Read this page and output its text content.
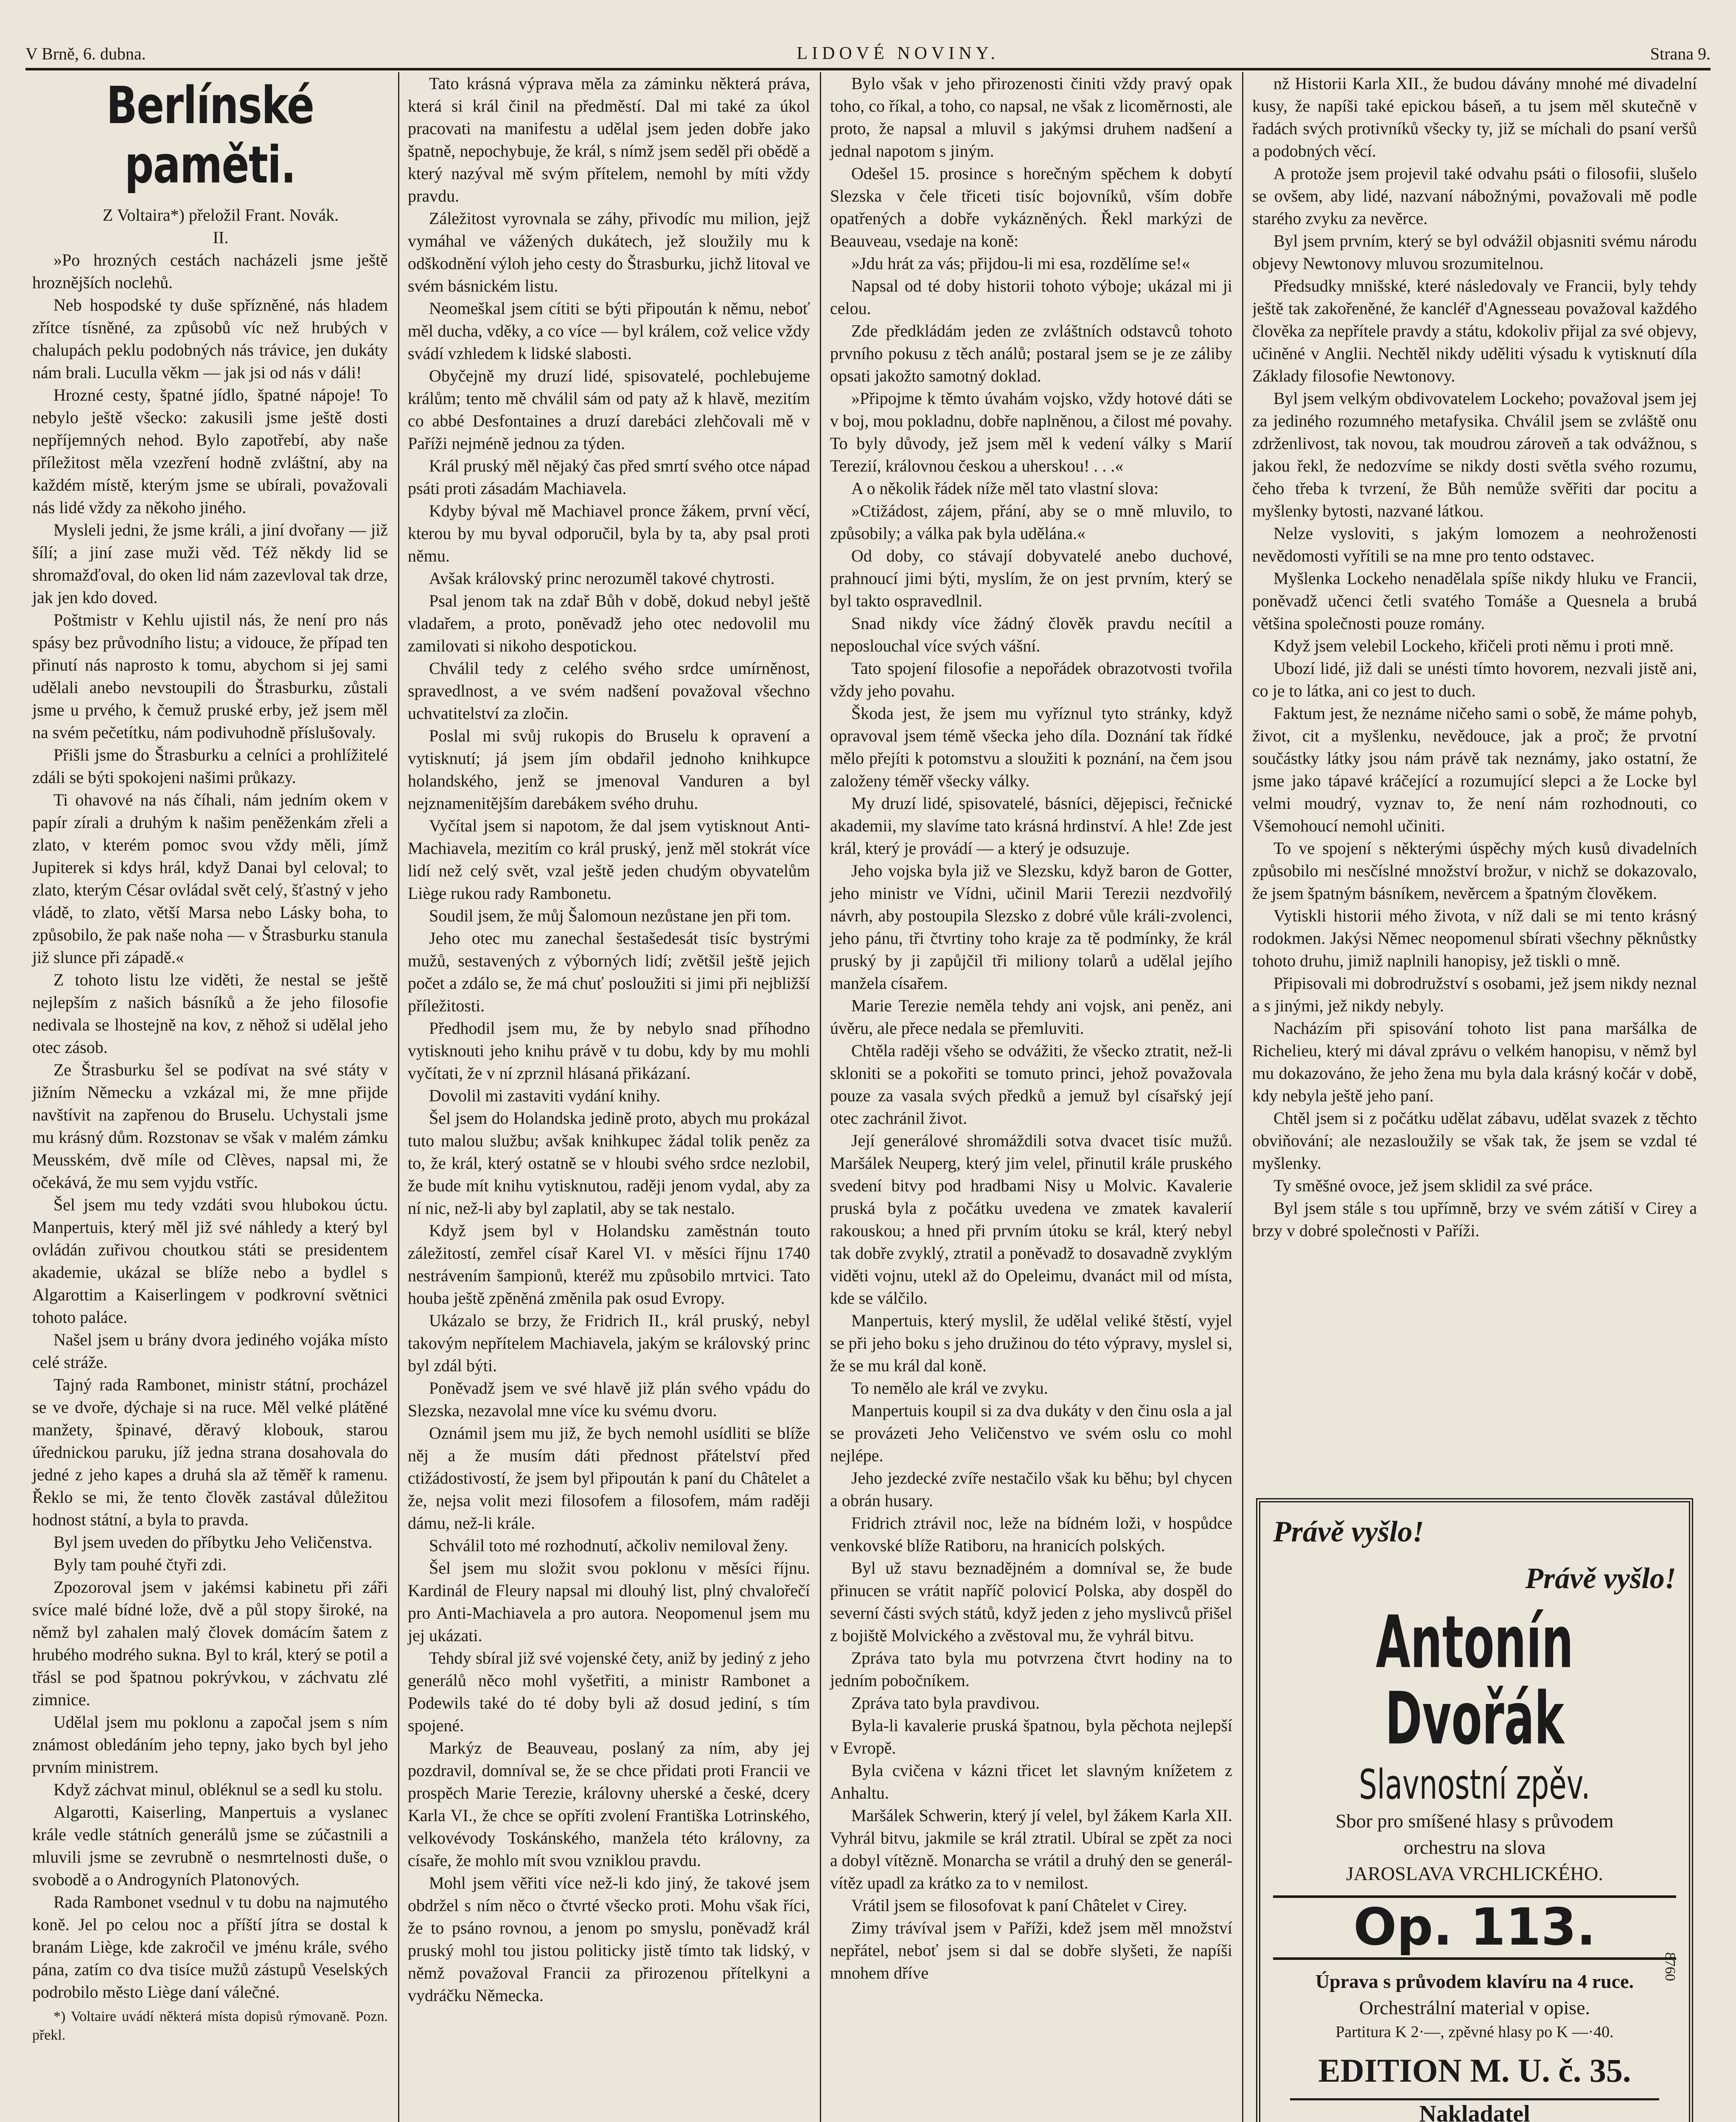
V Brně, 6. dubna.	LIDOVÉ NOVINY.	Strana 9.
Berlínské paměti.

Z Voltaira*) přeložil Frant. Novák.

II.

»Po hrozných cestách nacházeli jsme ještě hroznějších noclehů.

Neb hospodské ty duše spřízněné, nás hladem zřítce tísněné, za způsobů víc než hrubých v chalupách peklu podobných nás trávice, jen dukáty nám brali. Luculla věkm — jak jsi od nás v dáli!

Hrozné cesty, špatné jídlo, špatné nápoje! To nebylo ještě všecko: zakusili jsme ještě dosti nepříjemných nehod. Bylo zapotřebí, aby naše příležitost měla vzezření hodně zvláštní, aby na každém místě, kterým jsme se ubírali, považovali nás lidé vždy za někoho jiného.

Mysleli jedni, že jsme králi, a jiní dvořany — již šílí; a jiní zase muži věd. Též někdy lid se shromažďoval, do oken lid nám zazevloval tak drze, jak jen kdo doved.

Poštmistr v Kehlu ujistil nás, že není pro nás spásy bez průvodního listu; a vidouce, že případ ten přinutí nás naprosto k tomu, abychom si jej sami udělali anebo nevstoupili do Štrasburku, zůstali jsme u prvého, k čemuž pruské erby, jež jsem měl na svém pečetítku, nám podivuhodně příslušovaly.

Přišli jsme do Štrasburku a celníci a prohlížitelé zdáli se býti spokojeni našimi průkazy.

Ti ohavové na nás číhali, nám jedním okem v papír zírali a druhým k našim peněženkám zřeli a zlato, v kterém pomoc svou vždy měli, jímž Jupiterek si kdys hrál, když Danai byl celoval; to zlato, kterým César ovládal svět celý, šťastný v jeho vládě, to zlato, větší Marsa nebo Lásky boha, to způsobilo, že pak naše noha — v Štrasburku stanula již slunce při západě.«

Z tohoto listu lze viděti, že nestal se ještě nejlepším z našich básníků a že jeho filosofie nedivala se lhostejně na kov, z něhož si udělal jeho otec zásob.

Ze Štrasburku šel se podívat na své státy v jižním Německu a vzkázal mi, že mne přijde navštívit na zapřenou do Bruselu. Uchystali jsme mu krásný dům. Rozstonav se však v malém zámku Meusském, dvě míle od Clèves, napsal mi, že očekává, že mu sem vyjdu vstříc.

Šel jsem mu tedy vzdáti svou hlubokou úctu. Manpertuis, který měl již své náhledy a který byl ovládán zuřivou choutkou státi se presidentem akademie, ukázal se blíže nebo a bydlel s Algarottim a Kaiserlingem v podkrovní světnici tohoto paláce.

Našel jsem u brány dvora jediného vojáka místo celé stráže.

Tajný rada Rambonet, ministr státní, procházel se ve dvoře, dýchaje si na ruce. Měl velké plátěné manžety, špinavé, děravý klobouk, starou úřednickou paruku, jíž jedna strana dosahovala do jedné z jeho kapes a druhá sla až těměř k ramenu. Řeklo se mi, že tento člověk zastával důležitou hodnost státní, a byla to pravda.

Byl jsem uveden do příbytku Jeho Veličenstva.

Byly tam pouhé čtyři zdi.

Zpozoroval jsem v jakémsi kabinetu při záři svíce malé bídné lože, dvě a půl stopy široké, na němž byl zahalen malý človek domácím šatem z hrubého modrého sukna. Byl to král, který se potil a třásl se pod špatnou pokrývkou, v záchvatu zlé zimnice.

Udělal jsem mu poklonu a započal jsem s ním známost obledáním jeho tepny, jako bych byl jeho prvním ministrem.

Když záchvat minul, obléknul se a sedl ku stolu.

Algarotti, Kaiserling, Manpertuis a vyslanec krále vedle státních generálů jsme se zúčastnili a mluvili jsme se zevrubně o nesmrtelnosti duše, o svobodě a o Androgyních Platonových.

Rada Rambonet vsednul v tu dobu na najmutého koně. Jel po celou noc a příští jítra se dostal k branám Liège, kde zakročil ve jménu krále, svého pána, zatím co dva tisíce mužů zástupů Veselských podrobilo město Liège daní válečné.

*) Voltaire uvádí některá místa dopisů rýmovaně. Pozn. překl.

Tato krásná výprava měla za záminku některá práva, která si král činil na předměstí. Dal mi také za úkol pracovati na manifestu a udělal jsem jeden dobře jako špatně, nepochybuje, že král, s nímž jsem seděl při obědě a který nazýval mě svým přítelem, nemohl by míti vždy pravdu.

Záležitost vyrovnala se záhy, přivodíc mu milion, jejž vymáhal ve vážených dukátech, jež sloužily mu k odškodnění výloh jeho cesty do Štrasburku, jichž litoval ve svém básnickém listu.

Neomeškal jsem cítiti se býti připoután k němu, neboť měl ducha, vděky, a co více — byl králem, což velice vždy svádí vzhledem k lidské slabosti.

Obyčejně my druzí lidé, spisovatelé, pochlebujeme králům; tento mě chválil sám od paty až k hlavě, mezitím co abbé Desfontaines a druzí darebáci zlehčovali mě v Paříži nejméně jednou za týden.

Král pruský měl nějaký čas před smrtí svého otce nápad psáti proti zásadám Machiavela.

Kdyby býval mě Machiavel pronce žákem, první věcí, kterou by mu byval odporučil, byla by ta, aby psal proti němu.

Avšak královský princ nerozuměl takové chytrosti.

Psal jenom tak na zdař Bůh v době, dokud nebyl ještě vladařem, a proto, poněvadž jeho otec nedovolil mu zamilovati si nikoho despotickou.

Chválil tedy z celého svého srdce umírněnost, spravedlnost, a ve svém nadšení považoval všechno uchvatitelství za zločin.

Poslal mi svůj rukopis do Bruselu k opravení a vytisknutí; já jsem jím obdařil jednoho knihkupce holandského, jenž se jmenoval Vanduren a byl nejznamenitějším darebákem svého druhu.

Vyčítal jsem si napotom, že dal jsem vytisknout Anti-Machiavela, mezitím co král pruský, jenž měl stokrát více lidí než celý svět, vzal ještě jeden chudým obyvatelům Liège rukou rady Rambonetu.

Soudil jsem, že můj Šalomoun nezůstane jen při tom.

Jeho otec mu zanechal šestašedesát tisíc bystrými mužů, sestavených z výborných lidí; zvětšil ještě jejich počet a zdálo se, že má chuť posloužiti si jimi při nejbližší příležitosti.

Předhodil jsem mu, že by nebylo snad příhodno vytisknouti jeho knihu právě v tu dobu, kdy by mu mohli vyčítati, že v ní zprznil hlásaná přikázaní.

Dovolil mi zastaviti vydání knihy.

Šel jsem do Holandska jedině proto, abych mu prokázal tuto malou službu; avšak knihkupec žádal tolik peněz za to, že král, který ostatně se v hloubi svého srdce nezlobil, že bude mít knihu vytisknutou, raději jenom vydal, aby za ní nic, než-li aby byl zaplatil, aby se tak nestalo.

Když jsem byl v Holandsku zaměstnán touto záležitostí, zemřel císař Karel VI. v měsíci říjnu 1740 nestrávením šampionů, kteréž mu způsobilo mrtvici. Tato houba ještě zpěněná změnila pak osud Evropy.

Ukázalo se brzy, že Fridrich II., král pruský, nebyl takovým nepřítelem Machiavela, jakým se královský princ byl zdál býti.

Poněvadž jsem ve své hlavě již plán svého vpádu do Slezska, nezavolal mne více ku svému dvoru.

Oznámil jsem mu již, že bych nemohl usídliti se blíže něj a že musím dáti přednost přátelství před ctižádostivostí, že jsem byl připoután k paní du Châtelet a že, nejsa volit mezi filosofem a filosofem, mám raději dámu, než-li krále.

Schválil toto mé rozhodnutí, ačkoliv nemiloval ženy.

Šel jsem mu složit svou poklonu v měsíci říjnu. Kardinál de Fleury napsal mi dlouhý list, plný chvalořečí pro Anti-Machiavela a pro autora. Neopomenul jsem mu jej ukázati.

Tehdy sbíral již své vojenské čety, aniž by jediný z jeho generálů něco mohl vyšetřiti, a ministr Rambonet a Podewils také do té doby byli až dosud jediní, s tím spojené.

Markýz de Beauveau, poslaný za ním, aby jej pozdravil, domníval se, že se chce přidati proti Francii ve prospěch Marie Terezie, královny uherské a české, dcery Karla VI., že chce se opříti zvolení Františka Lotrinského, velkovévody Toskánského, manžela této královny, za císaře, že mohlo mít svou vzniklou pravdu.

Mohl jsem věřiti více než-li kdo jiný, že takové jsem obdržel s ním něco o čtvrté všecko proti. Mohu však říci, že to psáno rovnou, a jenom po smyslu, poněvadž král pruský mohl tou jistou politicky jistě tímto tak lidský, v němž považoval Francii za přirozenou přítelkyni a vydráčku Německa.

Bylo však v jeho přirozenosti činiti vždy pravý opak toho, co říkal, a toho, co napsal, ne však z licoměrnosti, ale proto, že napsal a mluvil s jakýmsi druhem nadšení a jednal napotom s jiným.

Odešel 15. prosince s horečným spěchem k dobytí Slezska v čele třiceti tisíc bojovníků, vším dobře opatřených a dobře vykázněných. Řekl markýzi de Beauveau, vsedaje na koně:

»Jdu hrát za vás; přijdou-li mi esa, rozdělíme se!«

Napsal od té doby historii tohoto výboje; ukázal mi ji celou.

Zde předkládám jeden ze zvláštních odstavců tohoto prvního pokusu z těch análů; postaral jsem se je ze záliby opsati jakožto samotný doklad.

»Připojme k těmto úvahám vojsko, vždy hotové dáti se v boj, mou pokladnu, dobře naplněnou, a čilost mé povahy. To byly důvody, jež jsem měl k vedení války s Marií Terezií, královnou českou a uherskou! . . .«

A o několik řádek níže měl tato vlastní slova:

»Ctižádost, zájem, přání, aby se o mně mluvilo, to způsobily; a válka pak byla udělána.«

Od doby, co stávají dobyvatelé anebo duchové, prahnoucí jimi býti, myslím, že on jest prvním, který se byl takto ospravedlnil.

Snad nikdy více žádný člověk pravdu necítil a neposlouchal více svých vášní.

Tato spojení filosofie a nepořádek obrazotvosti tvořila vždy jeho povahu.

Škoda jest, že jsem mu vyříznul tyto stránky, když opravoval jsem témě všecka jeho díla. Doznání tak řídké mělo přejíti k potomstvu a sloužiti k poznání, na čem jsou založeny téměř všecky války.

My druzí lidé, spisovatelé, básníci, dějepisci, řečnické akademii, my slavíme tato krásná hrdinství. A hle! Zde jest král, který je provádí — a který je odsuzuje.

Jeho vojska byla již ve Slezsku, když baron de Gotter, jeho ministr ve Vídni, učinil Marii Terezii nezdvořilý návrh, aby postoupila Slezsko z dobré vůle králi-zvolenci, jeho pánu, tři čtvrtiny toho kraje za tě podmínky, že král pruský by ji zapůjčil tři miliony tolarů a udělal jejího manžela císařem.

Marie Terezie neměla tehdy ani vojsk, ani peněz, ani úvěru, ale přece nedala se přemluviti.

Chtěla raději všeho se odvážiti, že všecko ztratit, než-li skloniti se a pokořiti se tomuto princi, jehož považovala pouze za vasala svých předků a jemuž byl císařský její otec zachránil život.

Její generálové shromáždili sotva dvacet tisíc mužů. Maršálek Neuperg, který jim velel, přinutil krále pruského svedení bitvy pod hradbami Nisy u Molvic. Kavalerie pruská byla z počátku uvedena ve zmatek kavalerií rakouskou; a hned při prvním útoku se král, který nebyl tak dobře zvyklý, ztratil a poněvadž to dosavadně zvyklým viděti vojnu, utekl až do Opeleimu, dvanáct mil od místa, kde se válčilo.

Manpertuis, který myslil, že udělal veliké štěstí, vyjel se při jeho boku s jeho družinou do této výpravy, myslel si, že se mu král dal koně.

To nemělo ale král ve zvyku.

Manpertuis koupil si za dva dukáty v den činu osla a jal se provázeti Jeho Veličenstvo ve svém oslu co mohl nejlépe.

Jeho jezdecké zvíře nestačilo však ku běhu; byl chycen a obrán husary.

Fridrich ztrávil noc, leže na bídném loži, v hospůdce venkovské blíže Ratiboru, na hranicích polských.

Byl už stavu beznadějném a domníval se, že bude přinucen se vrátit napříč polovicí Polska, aby dospěl do severní části svých států, když jeden z jeho myslivců přišel z bojiště Molvického a zvěstoval mu, že vyhrál bitvu.

Zpráva tato byla mu potvrzena čtvrt hodiny na to jedním pobočníkem.

Zpráva tato byla pravdivou.

Byla-li kavalerie pruská špatnou, byla pěchota nejlepší v Evropě.

Byla cvičena v kázni třicet let slavným knížetem z Anhaltu.

Maršálek Schwerin, který jí velel, byl žákem Karla XII. Vyhrál bitvu, jakmile se král ztratil. Ubíral se zpět za noci a dobyl vítězně. Monarcha se vrátil a druhý den se generál-vítěz upadl za krátko za to v nemilost.

Vrátil jsem se filosofovat k paní Châtelet v Cirey.

Zimy trávíval jsem v Paříži, kdež jsem měl množství nepřátel, neboť jsem si dal se dobře slyšeti, že napíši mnohem dříve

nž Historii Karla XII., že budou dávány mnohé mé divadelní kusy, že napíši také epickou báseň, a tu jsem měl skutečně v řadách svých protivníků všecky ty, již se míchali do psaní veršů a podobných věcí.

A protože jsem projevil také odvahu psáti o filosofii, slušelo se ovšem, aby lidé, nazvaní nábožnými, považovali mě podle starého zvyku za nevěrce.

Byl jsem prvním, který se byl odvážil objasniti svému národu objevy Newtonovy mluvou srozumitelnou.

Předsudky mnišské, které následovaly ve Francii, byly tehdy ještě tak zakořeněné, že kancléř d'Agnesseau považoval každého člověka za nepřítele pravdy a státu, kdokoliv přijal za své objevy, učiněné v Anglii. Nechtěl nikdy uděliti výsadu k vytisknutí díla Základy filosofie Newtonovy.

Byl jsem velkým obdivovatelem Lockeho; považoval jsem jej za jediného rozumného metafysika. Chválil jsem se zvláště onu zdrženlivost, tak novou, tak moudrou zároveň a tak odvážnou, s jakou řekl, že nedozvíme se nikdy dosti světla svého rozumu, čeho třeba k tvrzení, že Bůh nemůže svěřiti dar pocitu a myšlenky bytosti, nazvané látkou.

Nelze vysloviti, s jakým lomozem a neohroženosti nevědomosti vyřítili se na mne pro tento odstavec.

Myšlenka Lockeho nenadělala spíše nikdy hluku ve Francii, poněvadž učenci četli svatého Tomáše a Quesnela a brubá většina společnosti pouze romány.

Když jsem velebil Lockeho, křičeli proti němu i proti mně.

Ubozí lidé, již dali se unésti tímto hovorem, nezvali jistě ani, co je to látka, ani co jest to duch.

Faktum jest, že neznáme ničeho sami o sobě, že máme pohyb, život, cit a myšlenku, nevědouce, jak a proč; že prvotní součástky látky jsou nám právě tak neznámy, jako ostatní, že jsme jako tápavé kráčející a rozumující slepci a že Locke byl velmi moudrý, vyznav to, že není nám rozhodnouti, co Všemohoucí nemohl učiniti.

To ve spojení s některými úspěchy mých kusů divadelních způsobilo mi nesčíslné množství brožur, v nichž se dokazovalo, že jsem špatným básníkem, nevěrcem a špatným člověkem.

Vytiskli historii mého života, v níž dali se mi tento krásný rodokmen. Jakýsi Němec neopomenul sbírati všechny pěknůstky tohoto druhu, jimiž naplnili hanopisy, jež tiskli o mně.

Připisovali mi dobrodružství s osobami, jež jsem nikdy neznal a s jinými, jež nikdy nebyly.

Nacházím při spisování tohoto list pana maršálka de Richelieu, který mi dával zprávu o velkém hanopisu, v němž byl mu dokazováno, že jeho žena mu byla dala krásný kočár v době, kdy nebyla ještě jeho paní.

Chtěl jsem si z počátku udělat zábavu, udělat svazek z těchto obviňování; ale nezasloužily se však tak, že jsem se vzdal té myšlenky.

Ty směšné ovoce, jež jsem sklidil za své práce.

Byl jsem stále s tou upřímně, brzy ve svém zátiší v Cirey a brzy v dobré společnosti v Paříži.

Právě vyšlo!
Právě vyšlo!
Antonín Dvořák
Slavnostní zpěv.
Sbor pro smíšené hlasy s průvodem
orchestru na slova
JAROSLAVA VRCHLICKÉHO.
Op. 113.
Úprava s průvodem klavíru na 4 ruce.
Orchestrální material v opise.
Partitura K 2·—, zpěvné hlasy po K —·40.
EDITION M. U. č. 35.
Nakladatel
8760
